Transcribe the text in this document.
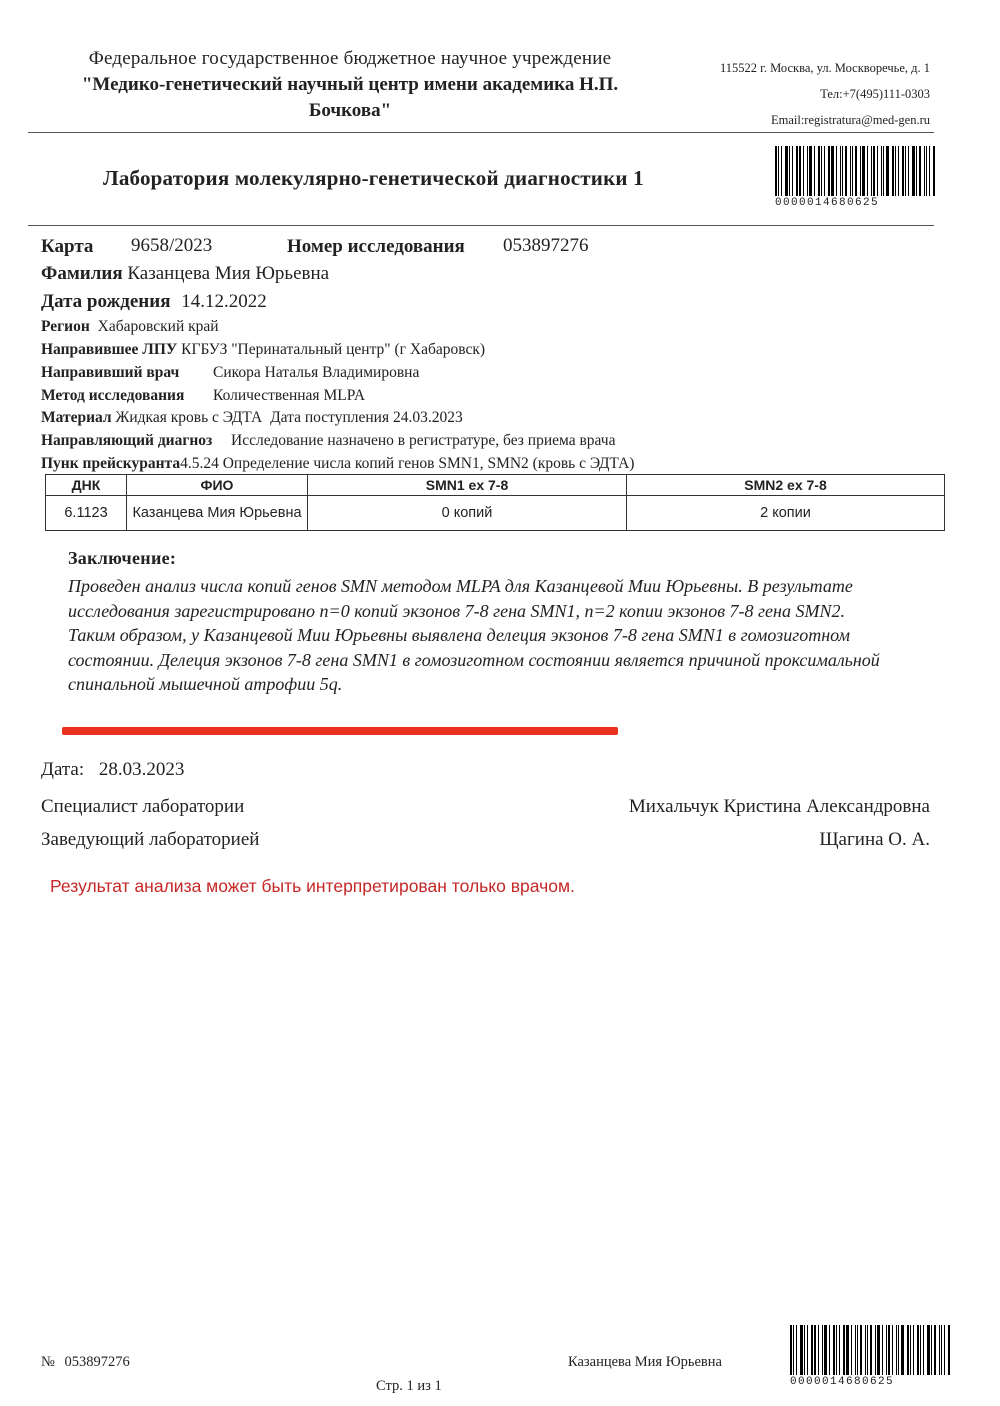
Федеральное государственное бюджетное научное учреждение
"Медико-генетический научный центр имени академика Н.П.
Бочкова"
115522 г. Москва, ул. Москворечье, д. 1
Тел:+7(495)111-0303
Email:registratura@med-gen.ru
Лаборатория молекулярно-генетической диагностики 1
0000014680625
Карта 9658/2023	Номер исследования 053897276
Фамилия Казанцева Мия Юрьевна
Дата рождения 14.12.2022
Регион Хабаровский край
Направившее ЛПУ КГБУЗ "Перинатальный центр" (г Хабаровск)
Направивший врач Сикора Наталья Владимировна
Метод исследования Количественная MLPA
Материал Жидкая кровь с ЭДТА Дата поступления 24.03.2023
Направляющий диагноз Исследование назначено в регистратуре, без приема врача
Пунк прейскуранта4.5.24 Определение числа копий генов SMN1, SMN2 (кровь с ЭДТА)
ДНК	ФИО	SMN1 ex 7-8	SMN2 ex 7-8
6.1123	Казанцева Мия Юрьевна	0 копий	2 копии
Заключение:
Проведен анализ числа копий генов SMN методом MLPA для Казанцевой Мии Юрьевны. В результате исследования зарегистрировано n=0 копий экзонов 7-8 гена SMN1, n=2 копии экзонов 7-8 гена SMN2.
Таким образом, у Казанцевой Мии Юрьевны выявлена делеция экзонов 7-8 гена SMN1 в гомозиготном состоянии. Делеция экзонов 7-8 гена SMN1 в гомозиготном состоянии является причиной проксимальной спинальной мышечной атрофии 5q.
Дата: 28.03.2023
Специалист лаборатории	Михальчук Кристина Александровна
Заведующий лабораторией	Щагина О. А.
Результат анализа может быть интерпретирован только врачом.
№ 053897276	Казанцева Мия Юрьевна
Стр. 1 из 1	0000014680625
